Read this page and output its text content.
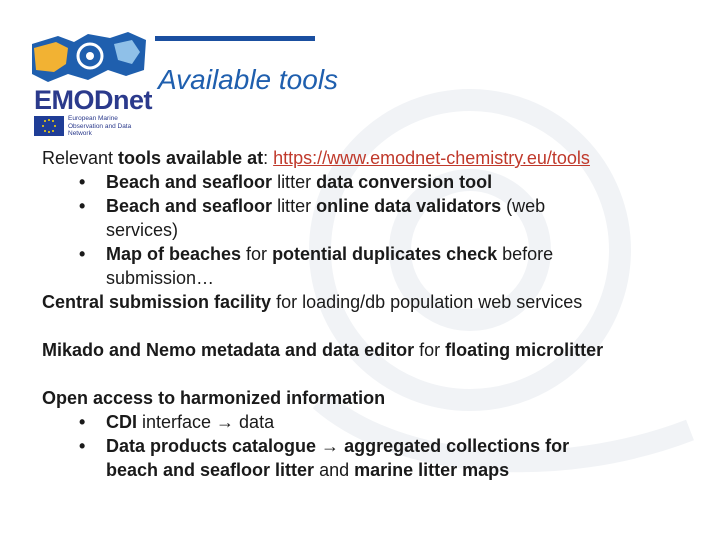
EMODnet
European Marine Observation and Data Network
Available tools
Relevant tools available at: https://www.emodnet-chemistry.eu/tools
• Beach and seafloor litter data conversion tool
• Beach and seafloor litter online data validators (web
services)
• Map of beaches for potential duplicates check before
submission…
Central submission facility for loading/db population web services
Mikado and Nemo metadata and data editor for floating microlitter
Open access to harmonized information
• CDI interface → data
• Data products catalogue → aggregated collections for
beach and seafloor litter and marine litter maps
